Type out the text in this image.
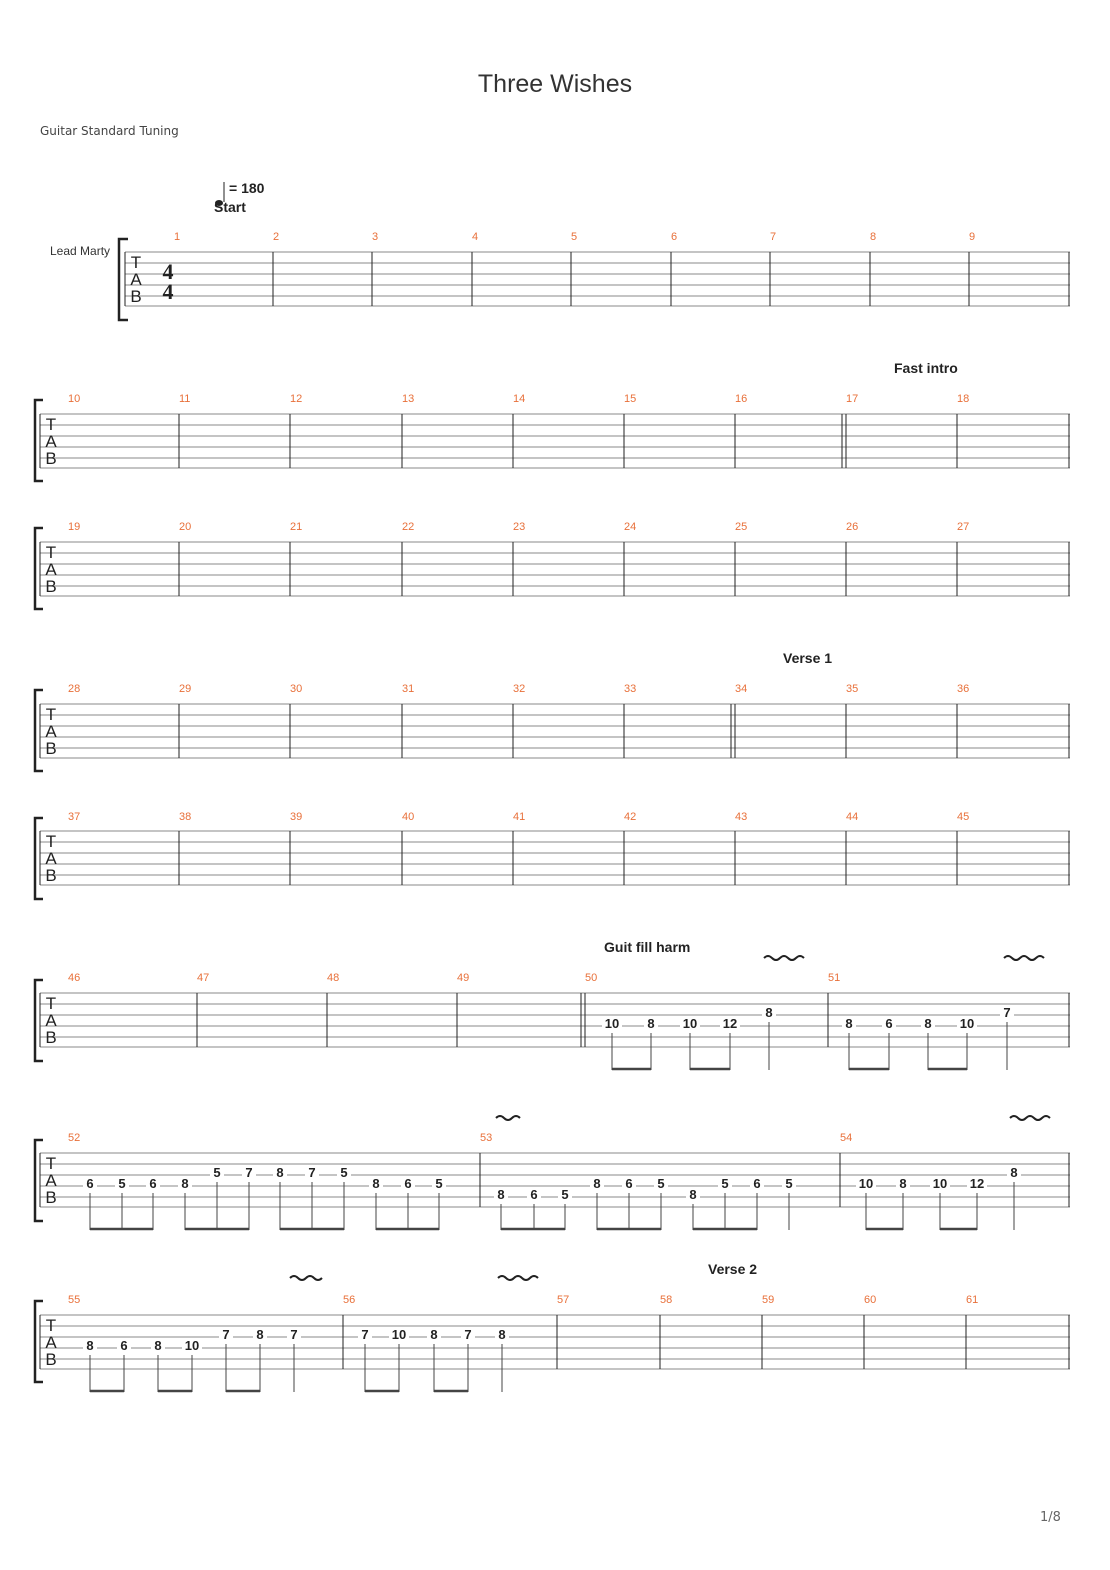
Three Wishes
Guitar Standard Tuning
1/8
= 180
Start
Lead Marty
T
A
B
4
4
1	2	3	4	5	6	7	8	9
Fast intro
T
A
B
10	11	12	13	14	15	16	17	18
T
A
B
19	20	21	22	23	24	25	26	27
Verse 1
T
A
B
28	29	30	31	32	33	34	35	36
T
A
B
37	38	39	40	41	42	43	44	45
Guit fill harm
T
A
B
46	47	48	49	50	51
10 8 10 12
8
8	6 8 10
7
T
A
B
52	53	54
6 5 6 8
5 7 8 7 5
8 6 5
8 6 5
8 6 5
8
5 6 5	10 8 10 12
8
Verse 2
T
A
B
55	56	57	58	59	60	61
8 6 8 10
7 8 7	7 10 8 7 8
